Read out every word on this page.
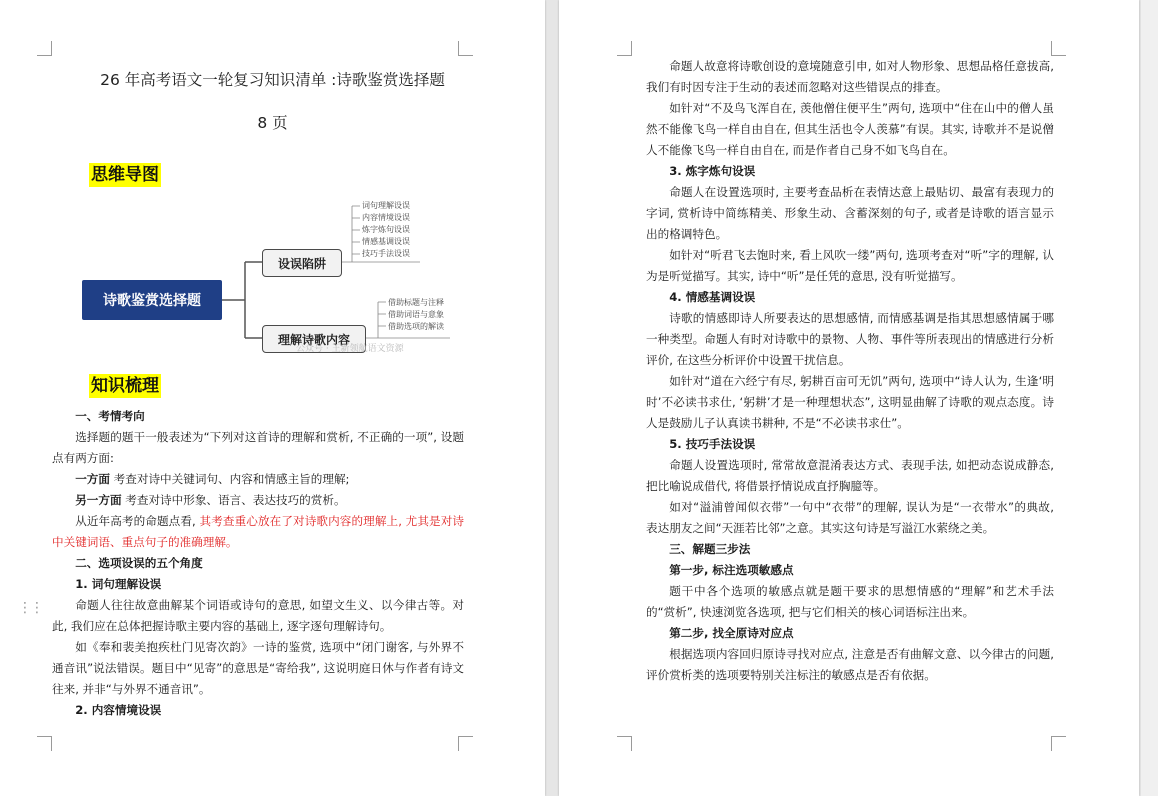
26 年高考语文一轮复习知识清单 :诗歌鉴赏选择题
8 页
思维导图
诗歌鉴赏选择题
设误陷阱
理解诗歌内容
词句理解设误
内容情境设误
炼字炼句设误
情感基调设误
技巧手法设误
借助标题与注释
借助词语与意象
借助选项的解读
公众号 · 王新领航语文资源
知识梳理

一、考情考向

选择题的题干一般表述为“下列对这首诗的理解和赏析, 不正确的一项”, 设题点有两方面:

一方面 考查对诗中关键词句、内容和情感主旨的理解;

另一方面 考查对诗中形象、语言、表达技巧的赏析。

从近年高考的命题点看, 其考查重心放在了对诗歌内容的理解上, 尤其是对诗中关键词语、重点句子的准确理解。

二、选项设误的五个角度

1. 词句理解设误

命题人往往故意曲解某个词语或诗句的意思, 如望文生义、以今律古等。对此, 我们应在总体把握诗歌主要内容的基础上, 逐字逐句理解诗句。

如《奉和裴美抱疾杜门见寄次韵》一诗的鉴赏, 选项中“闭门谢客, 与外界不通音讯”说法错误。题目中“见寄”的意思是“寄给我”, 这说明庭日休与作者有诗文往来, 并非“与外界不通音讯”。

2. 内容情境设误

⋮⋮

命题人故意将诗歌创设的意境随意引申, 如对人物形象、思想品格任意拔高, 我们有时因专注于生动的表述而忽略对这些错误点的排查。

如针对“不及鸟飞浑自在, 羡他僧住便平生”两句, 选项中“住在山中的僧人虽然不能像飞鸟一样自由自在, 但其生活也令人羡慕”有误。其实, 诗歌并不是说僧人不能像飞鸟一样自由自在, 而是作者自己身不如飞鸟自在。

3. 炼字炼句设误

命题人在设置选项时, 主要考查品析在表情达意上最贴切、最富有表现力的字词, 赏析诗中简练精美、形象生动、含蓄深刻的句子, 或者是诗歌的语言显示出的格调特色。

如针对“听君飞去饱时来, 看上风吹一缕”两句, 选项考查对“听”字的理解, 认为是听觉描写。其实, 诗中“听”是任凭的意思, 没有听觉描写。

4. 情感基调设误

诗歌的情感即诗人所要表达的思想感情, 而情感基调是指其思想感情属于哪一种类型。命题人有时对诗歌中的景物、人物、事件等所表现出的情感进行分析评价, 在这些分析评价中设置干扰信息。

如针对“道在六经宁有尽, 躬耕百亩可无饥”两句, 选项中“诗人认为, 生逢‘明时’不必读书求仕, ‘躬耕’才是一种理想状态”, 这明显曲解了诗歌的观点态度。诗人是鼓励儿子认真读书耕种, 不是“不必读书求仕”。

5. 技巧手法设误

命题人设置选项时, 常常故意混淆表达方式、表现手法, 如把动态说成静态, 把比喻说成借代, 将借景抒情说成直抒胸臆等。

如对“溢浦曾闻似衣带”一句中“衣带”的理解, 误认为是“一衣带水”的典故, 表达朋友之间“天涯若比邻”之意。其实这句诗是写溢江水萦绕之美。

三、解题三步法

第一步, 标注选项敏感点

题干中各个选项的敏感点就是题干要求的思想情感的“理解”和艺术手法的“赏析”, 快速浏览各选项, 把与它们相关的核心词语标注出来。

第二步, 找全原诗对应点

根据选项内容回归原诗寻找对应点, 注意是否有曲解文意、以今律古的问题, 评价赏析类的选项要特别关注标注的敏感点是否有依据。
